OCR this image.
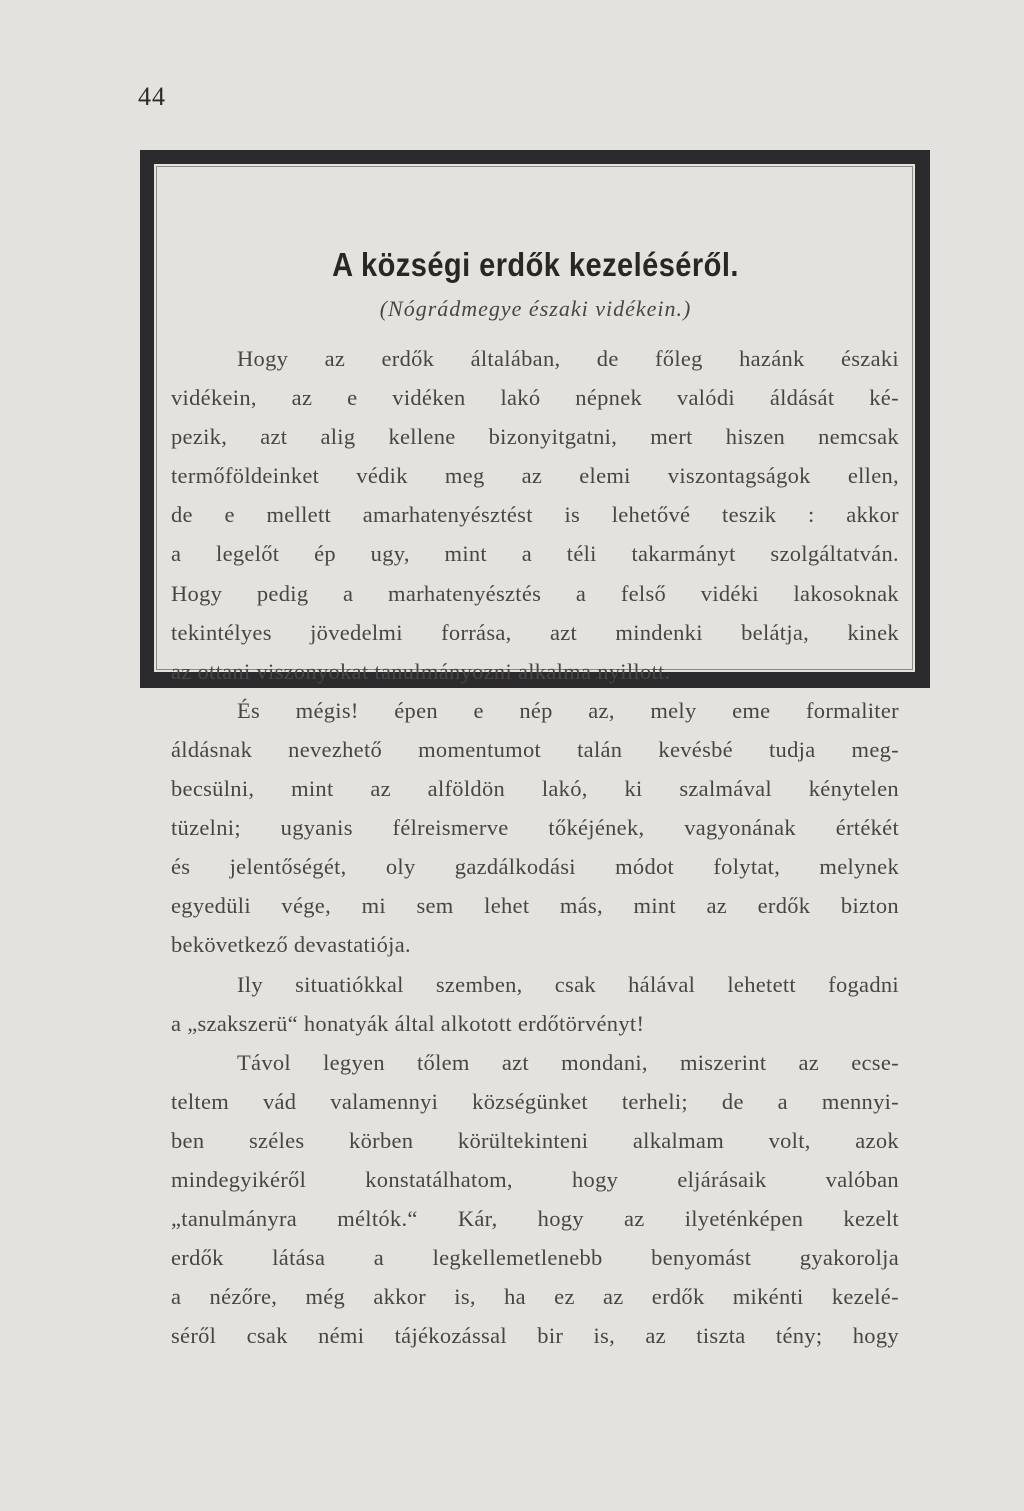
44
A községi erdők kezeléséről.
(Nógrádmegye északi vidékein.)
Hogy az erdők általában, de főleg hazánk északi
vidékein, az e vidéken lakó népnek valódi áldását ké-
pezik, azt alig kellene bizonyitgatni, mert hiszen nemcsak
termőföldeinket védik meg az elemi viszontagságok ellen,
de e mellett amarhatenyésztést is lehetővé teszik : akkor
a legelőt ép ugy, mint a téli takarmányt szolgáltatván.
Hogy pedig a marhatenyésztés a felső vidéki lakosoknak
tekintélyes jövedelmi forrása, azt mindenki belátja, kinek
az ottani viszonyokat tanulmányozni alkalma nyillott.
És mégis! épen e nép az, mely eme formaliter
áldásnak nevezhető momentumot talán kevésbé tudja meg-
becsülni, mint az alföldön lakó, ki szalmával kénytelen
tüzelni; ugyanis félreismerve tőkéjének, vagyonának értékét
és jelentőségét, oly gazdálkodási módot folytat, melynek
egyedüli vége, mi sem lehet más, mint az erdők bizton
bekövetkező devastatiója.
Ily situatiókkal szemben, csak hálával lehetett fogadni
a „szakszerü“ honatyák által alkotott erdőtörvényt!
Távol legyen tőlem azt mondani, miszerint az ecse-
teltem vád valamennyi községünket terheli; de a mennyi-
ben széles körben körültekinteni alkalmam volt, azok
mindegyikéről	konstatálhatom,	hogy	eljárásaik	valóban
„tanulmányra méltók.“ Kár, hogy az ilyeténképen kezelt
erdők látása a legkellemetlenebb benyomást gyakorolja
a nézőre, még akkor is, ha ez az erdők mikénti kezelé-
séről csak némi tájékozással bir is, az tiszta tény; hogy
